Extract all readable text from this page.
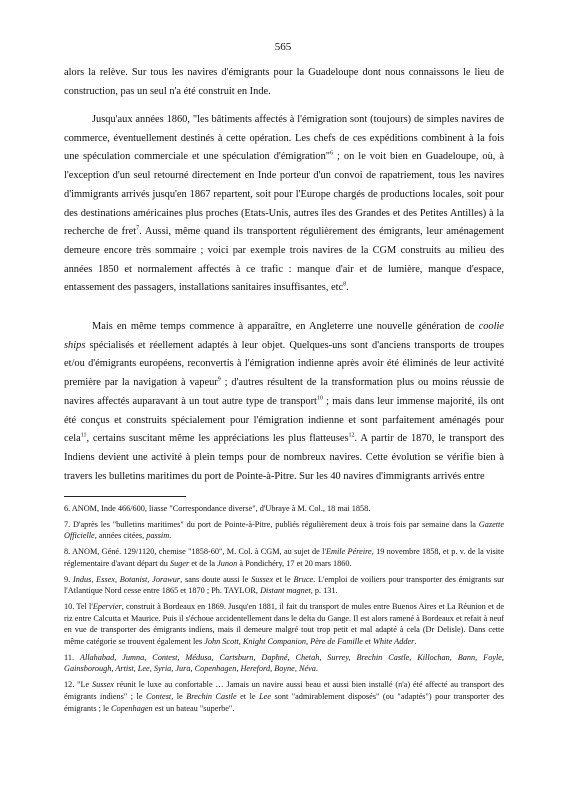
565

alors la relève. Sur tous les navires d'émigrants pour la Guadeloupe dont nous connaissons le lieu de construction, pas un seul n'a été construit en Inde.

Jusqu'aux années 1860, "les bâtiments affectés à l'émigration sont (toujours) de simples navires de commerce, éventuellement destinés à cette opération. Les chefs de ces expéditions combinent à la fois une spéculation commerciale et une spéculation d'émigration"$^6$ ; on le voit bien en Guadeloupe, où, à l'exception d'un seul retourné directement en Inde porteur d'un convoi de rapatriement, tous les navires d'immigrants arrivés jusqu'en 1867 repartent, soit pour l'Europe chargés de productions locales, soit pour des destinations américaines plus proches (Etats-Unis, autres îles des Grandes et des Petites Antilles) à la recherche de fret$^7$. Aussi, même quand ils transportent régulièrement des émigrants, leur aménagement demeure encore très sommaire ; voici par exemple trois navires de la CGM construits au milieu des années 1850 et normalement affectés à ce trafic : manque d'air et de lumière, manque d'espace, entassement des passagers, installations sanitaires insuffisantes, etc$^8$.

Mais en même temps commence à apparaître, en Angleterre une nouvelle génération de coolie ships spécialisés et réellement adaptés à leur objet. Quelques-uns sont d'anciens transports de troupes et/ou d'émigrants européens, reconvertis à l'émigration indienne après avoir été éliminés de leur activité première par la navigation à vapeur$^9$ ; d'autres résultent de la transformation plus ou moins réussie de navires affectés auparavant à un tout autre type de transport$^{10}$ ; mais dans leur immense majorité, ils ont été conçus et construits spécialement pour l'émigration indienne et sont parfaitement aménagés pour cela$^{11}$, certains suscitant même les appréciations les plus flatteuses$^{12}$. A partir de 1870, le transport des Indiens devient une activité à plein temps pour de nombreux navires. Cette évolution se vérifie bien à travers les bulletins maritimes du port de Pointe-à-Pitre. Sur les 40 navires d'immigrants arrivés entre

6. ANOM, Inde 466/600, liasse "Correspondance diverse", d'Ubraye à M. Col., 18 mai 1858.

7. D'après les "bulletins maritimes" du port de Pointe-à-Pitre, publiés régulièrement deux à trois fois par semaine dans la Gazette Officielle, années citées, passim.

8. ANOM, Géné. 129/1120, chemise "1858-60", M. Col. à CGM, au sujet de l'Emile Péreire, 19 novembre 1858, et p. v. de la visite réglementaire d'avant départ du Suger et de la Junon à Pondichéry, 17 et 20 mars 1860.

9. Indus, Essex, Botanist, Jorawur, sans doute aussi le Sussex et le Bruce. L'emploi de voiliers pour transporter des émigrants sur l'Atlantique Nord cesse entre 1865 et 1870 ; Ph. TAYLOR, Distant magnet, p. 131.

10. Tel l'Epervier, construit à Bordeaux en 1869. Jusqu'en 1881, il fait du transport de mules entre Buenos Aires et La Réunion et de riz entre Calcutta et Maurice. Puis il s'échoue accidentellement dans le delta du Gange. Il est alors ramené à Bordeaux et refait à neuf en vue de transporter des émigrants indiens, mais il demeure malgré tout trop petit et mal adapté à cela (Dr Delisle). Dans cette même catégorie se trouvent également les John Scott, Knight Companion, Père de Famille et White Adder.

11. Allahabad, Jumna, Contest, Médusa, Cartsburn, Daphné, Chetah, Surrey, Brechin Castle, Killochan, Bann, Foyle, Gainsborough, Artist, Lee, Syria, Jura, Copenhagen, Hereford, Boyne, Néva.

12. "Le Sussex réunit le luxe au confortable … Jamais un navire aussi beau et aussi bien installé (n'a) été affecté au transport des émigrants indiens" ; le Contest, le Brechin Castle et le Lee sont "admirablement disposés" (ou "adaptés") pour transporter des émigrants ; le Copenhagen est un bateau "superbe".
